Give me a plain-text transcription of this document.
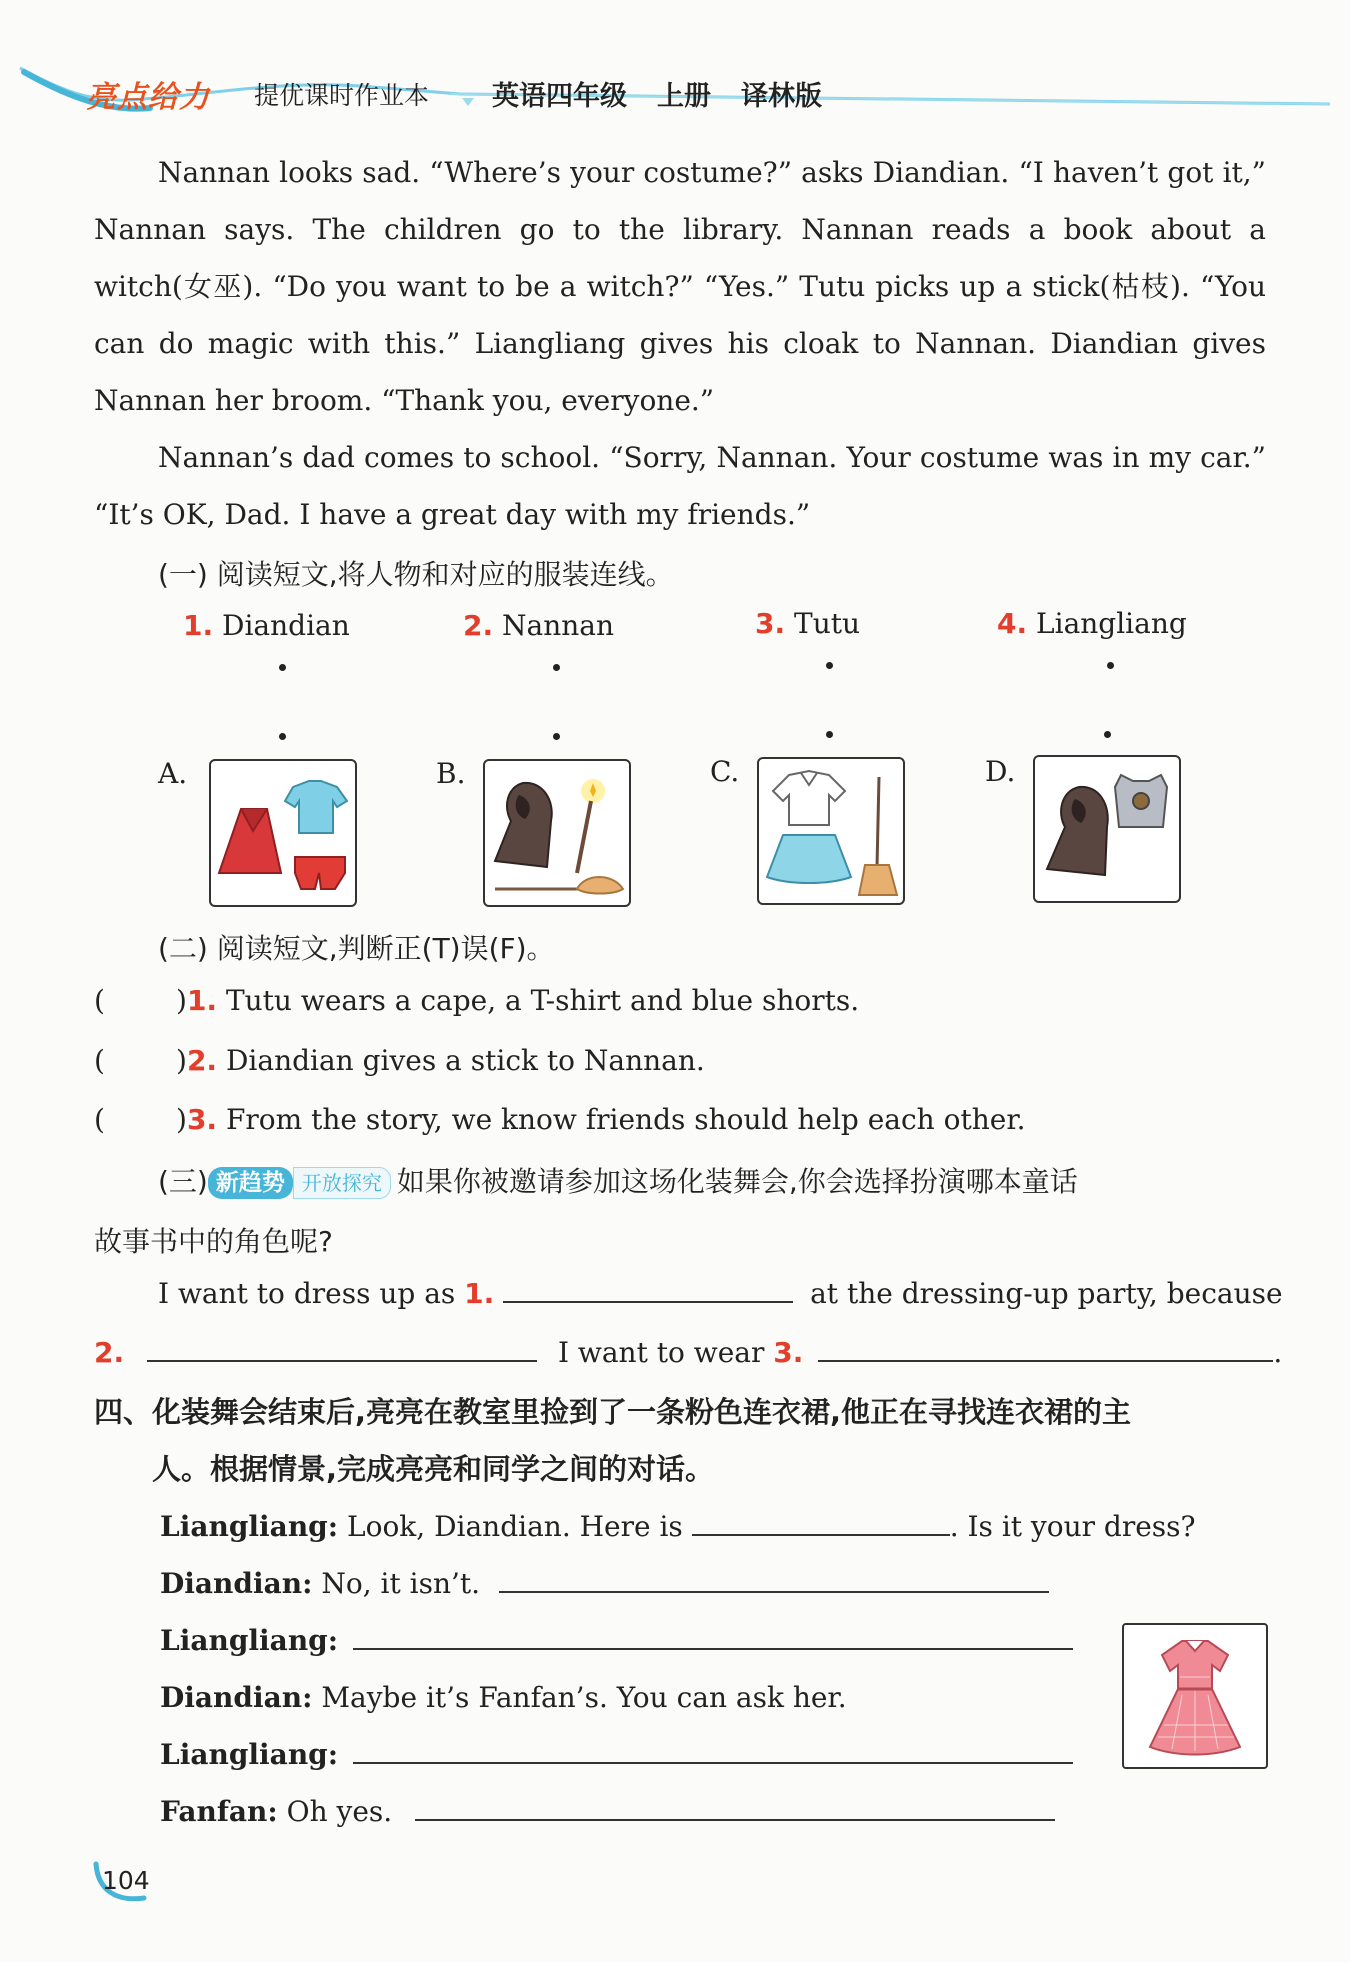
亮点给力 提优课时作业本 英语四年级 上册 译林版
Nannan looks sad. “Where’s your costume?” asks Diandian. “I haven’t got it,” Nannan says. The children go to the library. Nannan reads a book about a witch(女巫). “Do you want to be a witch?” “Yes.” Tutu picks up a stick(枯枝). “You can do magic with this.” Liangliang gives his cloak to Nannan. Diandian gives Nannan her broom. “Thank you, everyone.”
Nannan’s dad comes to school. “Sorry, Nannan. Your costume was in my car.” “It’s OK, Dad. I have a great day with my friends.”
(一) 阅读短文,将人物和对应的服装连线。
1. Diandian	2. Nannan	3. Tutu	4. Liangliang
A.	B.	C.	D.
(二) 阅读短文,判断正(T)误(F)。
(	)1. Tutu wears a cape, a T-shirt and blue shorts.
(	)2. Diandian gives a stick to Nannan.
(	)3. From the story, we know friends should help each other.
(三) 新趋势 开放探究 如果你被邀请参加这场化装舞会,你会选择扮演哪本童话
故事书中的角色呢?
I want to dress up as 1.	at the dressing-up party, because
2.	I want to wear 3.	.
四、化装舞会结束后,亮亮在教室里捡到了一条粉色连衣裙,他正在寻找连衣裙的主
人。根据情景,完成亮亮和同学之间的对话。
Liangliang: Look, Diandian. Here is	. Is it your dress?
Diandian: No, it isn’t.
Liangliang:
Diandian: Maybe it’s Fanfan’s. You can ask her.
Liangliang:
Fanfan: Oh yes.
104
